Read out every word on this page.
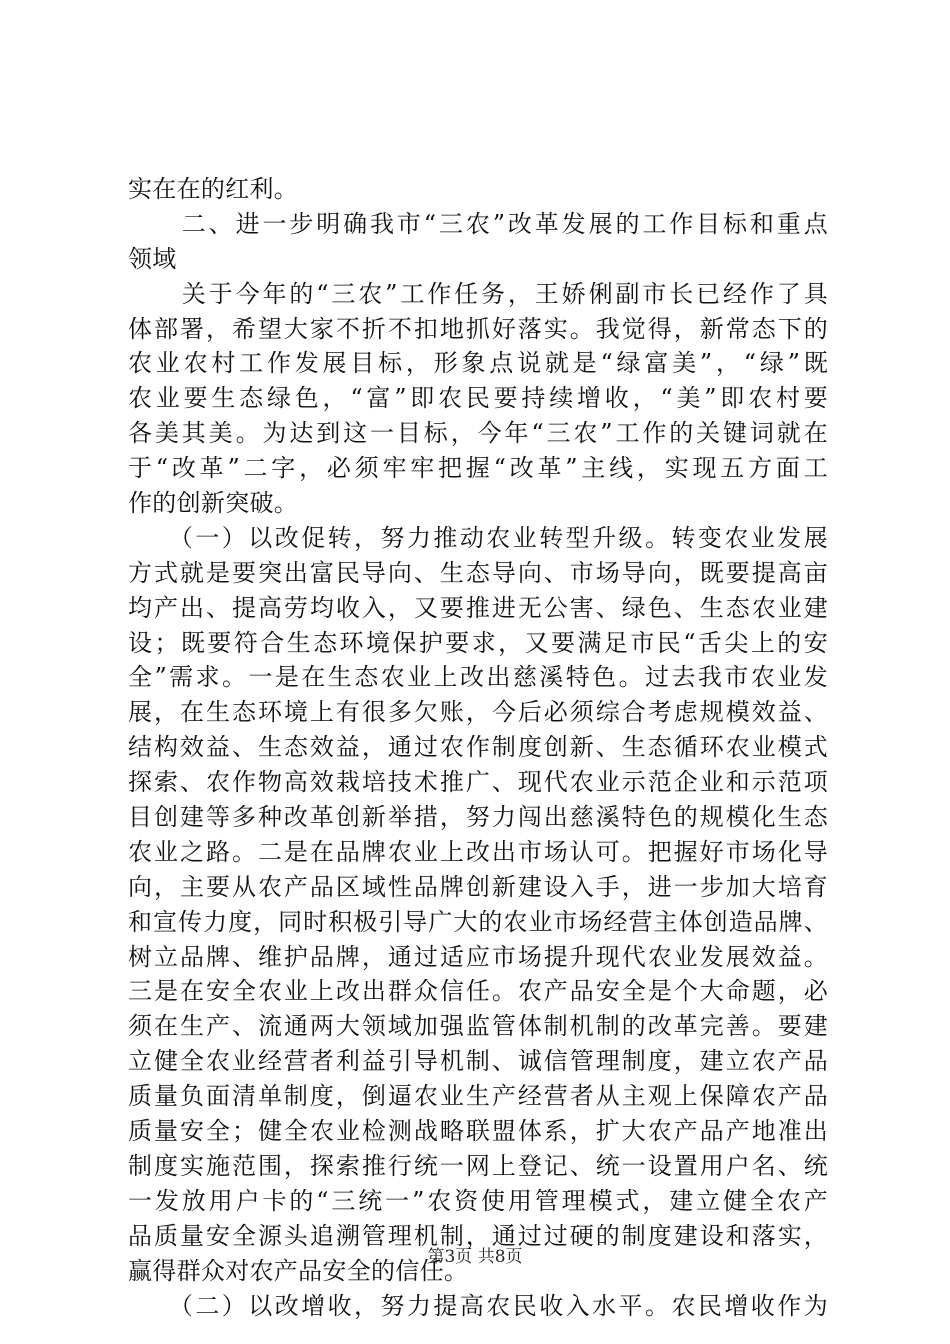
实在在的红利。
　　二、进一步明确我市“三农”改革发展的工作目标和重点
领域
　　关于今年的“三农”工作任务，王娇俐副市长已经作了具
体部署，希望大家不折不扣地抓好落实。我觉得，新常态下的
农业农村工作发展目标，形象点说就是“绿富美”，“绿”既
农业要生态绿色，“富”即农民要持续增收，“美”即农村要
各美其美。为达到这一目标，今年“三农”工作的关键词就在
于“改革”二字，必须牢牢把握“改革”主线，实现五方面工
作的创新突破。
　　（一）以改促转，努力推动农业转型升级。转变农业发展
方式就是要突出富民导向、生态导向、市场导向，既要提高亩
均产出、提高劳均收入，又要推进无公害、绿色、生态农业建
设；既要符合生态环境保护要求，又要满足市民“舌尖上的安
全”需求。一是在生态农业上改出慈溪特色。过去我市农业发
展，在生态环境上有很多欠账，今后必须综合考虑规模效益、
结构效益、生态效益，通过农作制度创新、生态循环农业模式
探索、农作物高效栽培技术推广、现代农业示范企业和示范项
目创建等多种改革创新举措，努力闯出慈溪特色的规模化生态
农业之路。二是在品牌农业上改出市场认可。把握好市场化导
向，主要从农产品区域性品牌创新建设入手，进一步加大培育
和宣传力度，同时积极引导广大的农业市场经营主体创造品牌、
树立品牌、维护品牌，通过适应市场提升现代农业发展效益。
三是在安全农业上改出群众信任。农产品安全是个大命题，必
须在生产、流通两大领域加强监管体制机制的改革完善。要建
立健全农业经营者利益引导机制、诚信管理制度，建立农产品
质量负面清单制度，倒逼农业生产经营者从主观上保障农产品
质量安全；健全农业检测战略联盟体系，扩大农产品产地准出
制度实施范围，探索推行统一网上登记、统一设置用户名、统
一发放用户卡的“三统一”农资使用管理模式，建立健全农产
品质量安全源头追溯管理机制，通过过硬的制度建设和落实，
赢得群众对农产品安全的信任。
　　（二）以改增收，努力提高农民收入水平。农民增收作为
第3页 共8页
